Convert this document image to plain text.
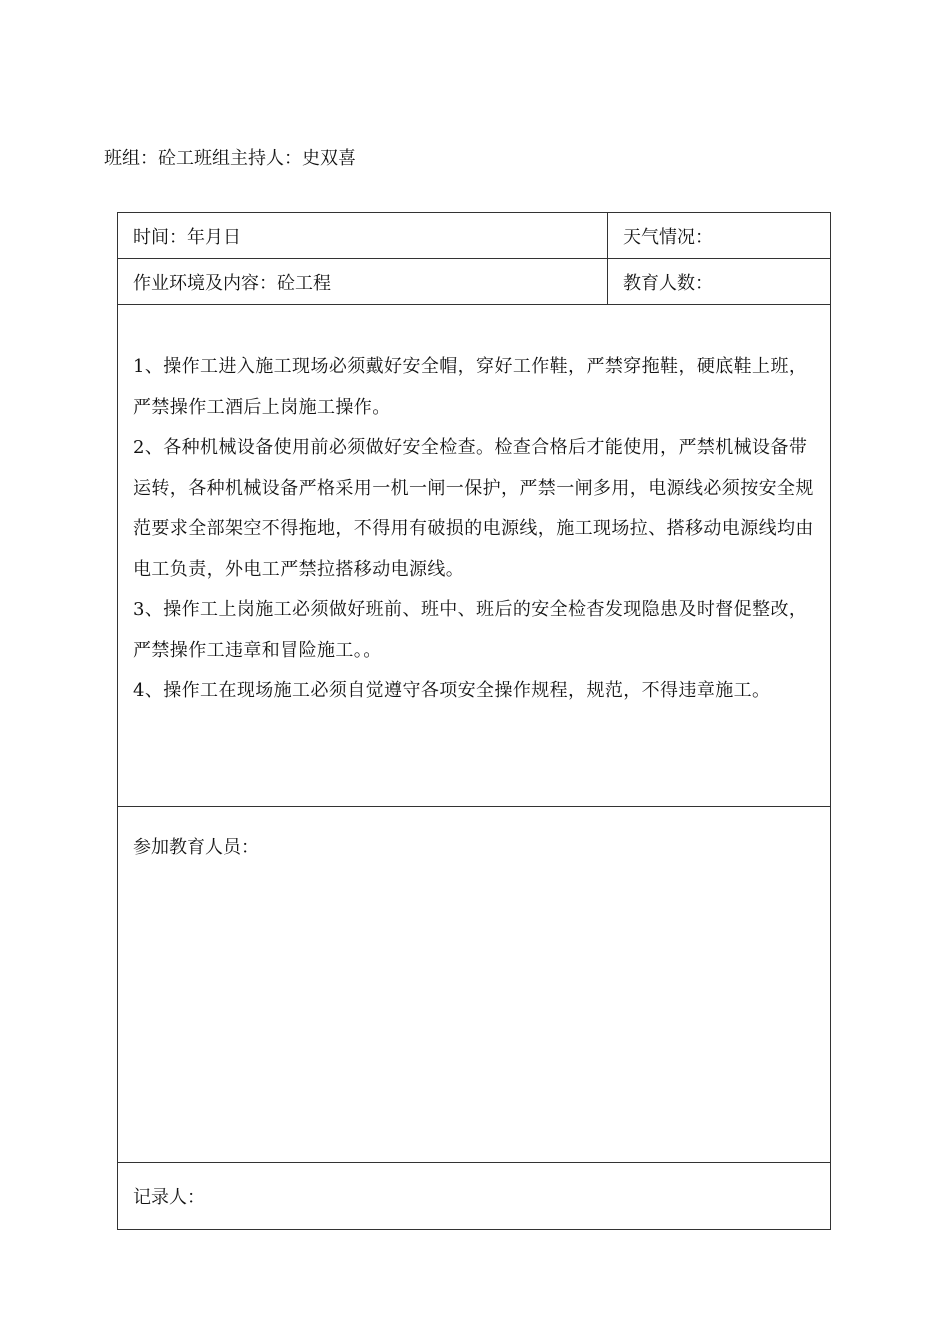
班组：砼工班组主持人：史双喜
时间：年月日	天气情况：
作业环境及内容：砼工程	教育人数：

1、操作工进入施工现场必须戴好安全帽，穿好工作鞋，严禁穿拖鞋，硬底鞋上班，严禁操作工酒后上岗施工操作。

2、各种机械设备使用前必须做好安全检查。检查合格后才能使用，严禁机械设备带运转，各种机械设备严格采用一机一闸一保护，严禁一闸多用，电源线必须按安全规范要求全部架空不得拖地，不得用有破损的电源线，施工现场拉、搭移动电源线均由电工负责，外电工严禁拉搭移动电源线。

3、操作工上岗施工必须做好班前、班中、班后的安全检杳发现隐患及时督促整改，严禁操作工违章和冒险施工。。

4、操作工在现场施工必须自觉遵守各项安全操作规程，规范，不得违章施工。	

参加教育人员：	
记录人：	
